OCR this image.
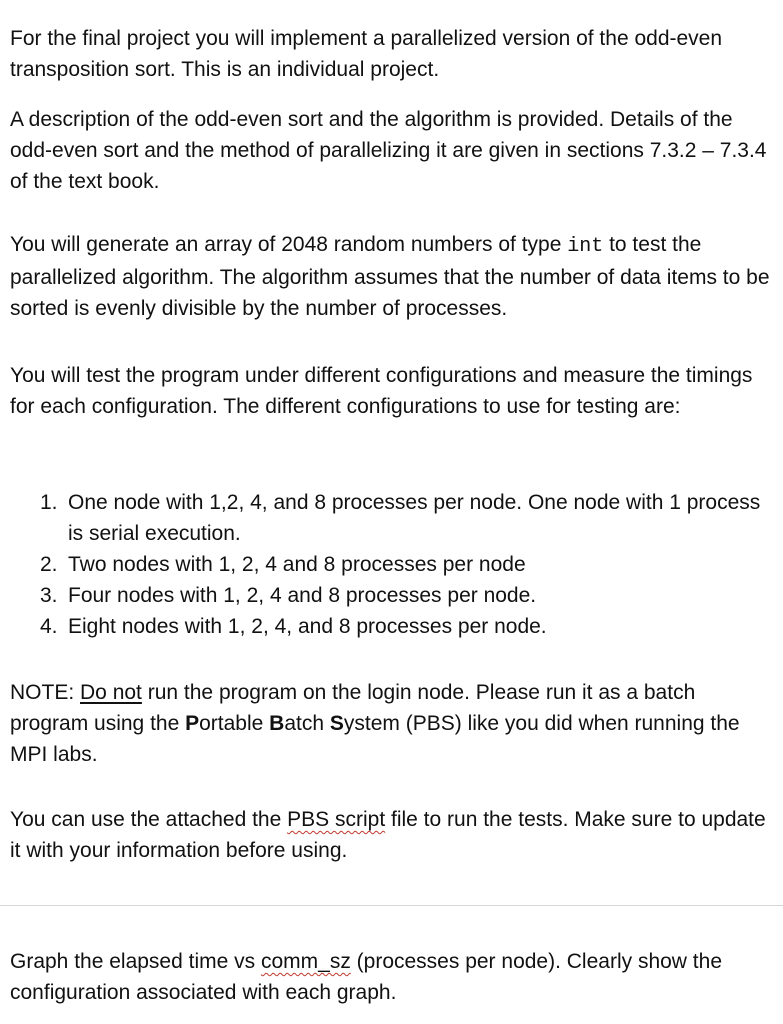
For the final project you will implement a parallelized version of the odd-even transposition sort. This is an individual project.

A description of the odd-even sort and the algorithm is provided. Details of the odd-even sort and the method of parallelizing it are given in sections 7.3.2 – 7.3.4 of the text book.

You will generate an array of 2048 random numbers of type int to test the parallelized algorithm. The algorithm assumes that the number of data items to be sorted is evenly divisible by the number of processes.

You will test the program under different configurations and measure the timings for each configuration. The different configurations to use for testing are:

1. One node with 1,2, 4, and 8 processes per node. One node with 1 process is serial execution.
2. Two nodes with 1, 2, 4 and 8 processes per node
3. Four nodes with 1, 2, 4 and 8 processes per node.
4. Eight nodes with 1, 2, 4, and 8 processes per node.

NOTE: Do not run the program on the login node. Please run it as a batch program using the Portable Batch System (PBS) like you did when running the MPI labs.

You can use the attached the PBS script file to run the tests. Make sure to update it with your information before using.

Graph the elapsed time vs comm_sz (processes per node). Clearly show the configuration associated with each graph.
